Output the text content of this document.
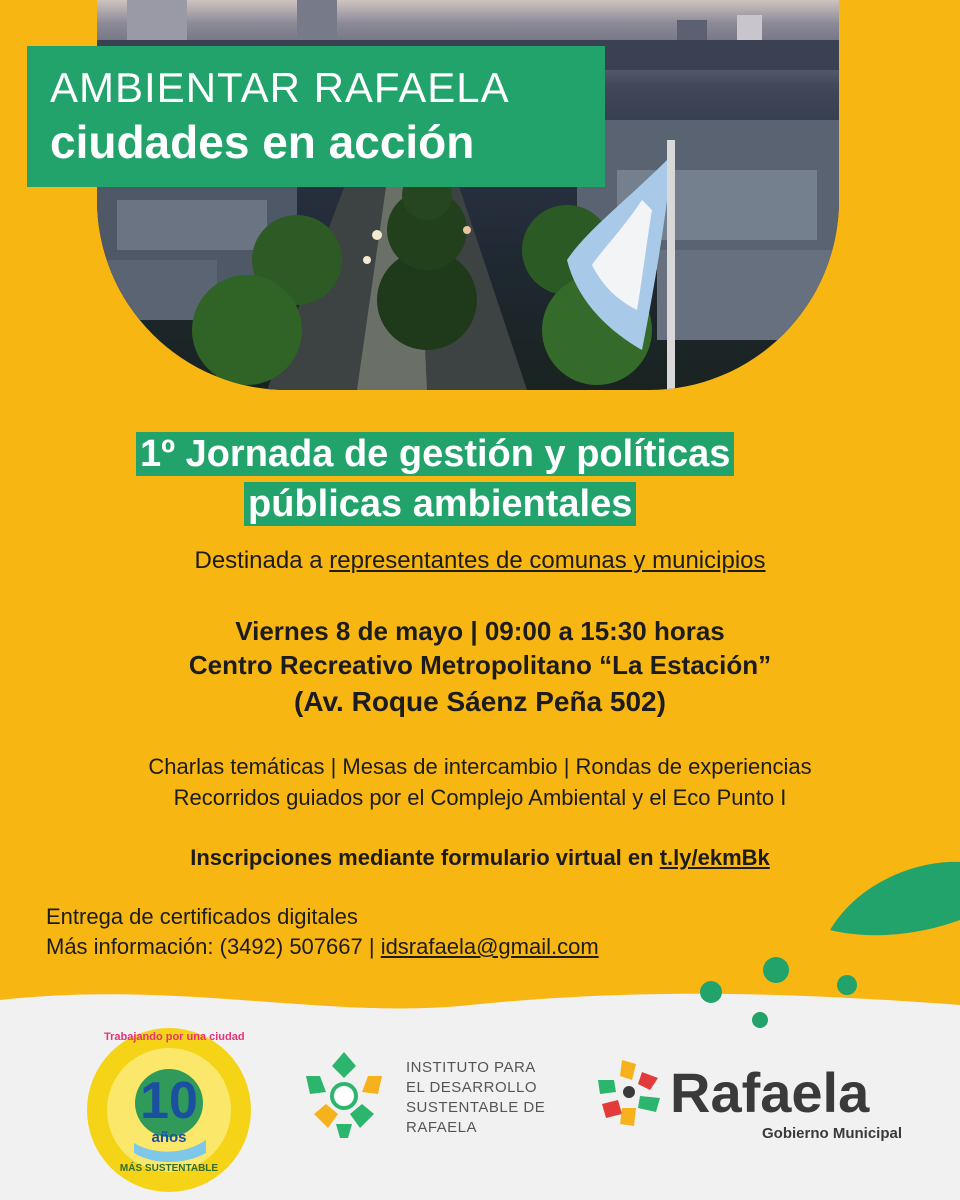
AMBIENTAR RAFAELA
ciudades en acción
1º Jornada de gestión y políticas
públicas ambientales
Destinada a representantes de comunas y municipios
Viernes 8 de mayo | 09:00 a 15:30 horas
Centro Recreativo Metropolitano “La Estación”
(Av. Roque Sáenz Peña 502)
Charlas temáticas | Mesas de intercambio | Rondas de experiencias
Recorridos guiados por el Complejo Ambiental y el Eco Punto I
Inscripciones mediante formulario virtual en t.ly/ekmBk
Entrega de certificados digitales
Más información: (3492) 507667 | idsrafaela@gmail.com
Trabajando por una ciudad
10
años
MÁS SUSTENTABLE
INSTITUTO PARA
EL DESARROLLO
SUSTENTABLE DE
RAFAELA
Rafaela
Gobierno Municipal
